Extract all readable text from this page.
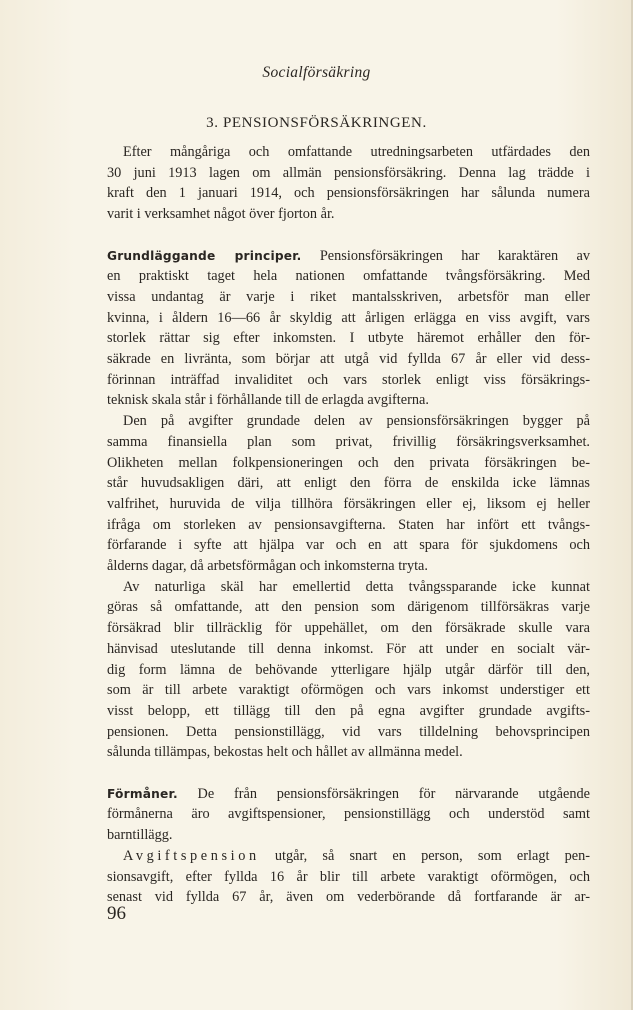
Socialförsäkring
3. PENSIONSFÖRSÄKRINGEN.
Efter mångåriga och omfattande utredningsarbeten utfärdades den
30 juni 1913 lagen om allmän pensionsförsäkring. Denna lag trädde i
kraft den 1 januari 1914, och pensionsförsäkringen har sålunda numera
varit i verksamhet något över fjorton år.
Grundläggande principer. Pensionsförsäkringen har karaktären av
en praktiskt taget hela nationen omfattande tvångsförsäkring. Med
vissa undantag är varje i riket mantalsskriven, arbetsför man eller
kvinna, i åldern 16—66 år skyldig att årligen erlägga en viss avgift, vars
storlek rättar sig efter inkomsten. I utbyte häremot erhåller den för-
säkrade en livränta, som börjar att utgå vid fyllda 67 år eller vid dess-
förinnan inträffad invaliditet och vars storlek enligt viss försäkrings-
teknisk skala står i förhållande till de erlagda avgifterna.
Den på avgifter grundade delen av pensionsförsäkringen bygger på
samma finansiella plan som privat, frivillig försäkringsverksamhet.
Olikheten mellan folkpensioneringen och den privata försäkringen be-
står huvudsakligen däri, att enligt den förra de enskilda icke lämnas
valfrihet, huruvida de vilja tillhöra försäkringen eller ej, liksom ej heller
ifråga om storleken av pensionsavgifterna. Staten har infört ett tvångs-
förfarande i syfte att hjälpa var och en att spara för sjukdomens och
ålderns dagar, då arbetsförmågan och inkomsterna tryta.
Av naturliga skäl har emellertid detta tvångssparande icke kunnat
göras så omfattande, att den pension som därigenom tillförsäkras varje
försäkrad blir tillräcklig för uppehället, om den försäkrade skulle vara
hänvisad uteslutande till denna inkomst. För att under en socialt vär-
dig form lämna de behövande ytterligare hjälp utgår därför till den,
som är till arbete varaktigt oförmögen och vars inkomst understiger ett
visst belopp, ett tillägg till den på egna avgifter grundade avgifts-
pensionen. Detta pensionstillägg, vid vars tilldelning behovsprincipen
sålunda tillämpas, bekostas helt och hållet av allmänna medel.
Förmåner. De från pensionsförsäkringen för närvarande utgående
förmånerna äro avgiftspensioner, pensionstillägg och understöd samt
barntillägg.
Avgiftspension utgår, så snart en person, som erlagt pen-
sionsavgift, efter fyllda 16 år blir till arbete varaktigt oförmögen, och
senast vid fyllda 67 år, även om vederbörande då fortfarande är ar-
96
